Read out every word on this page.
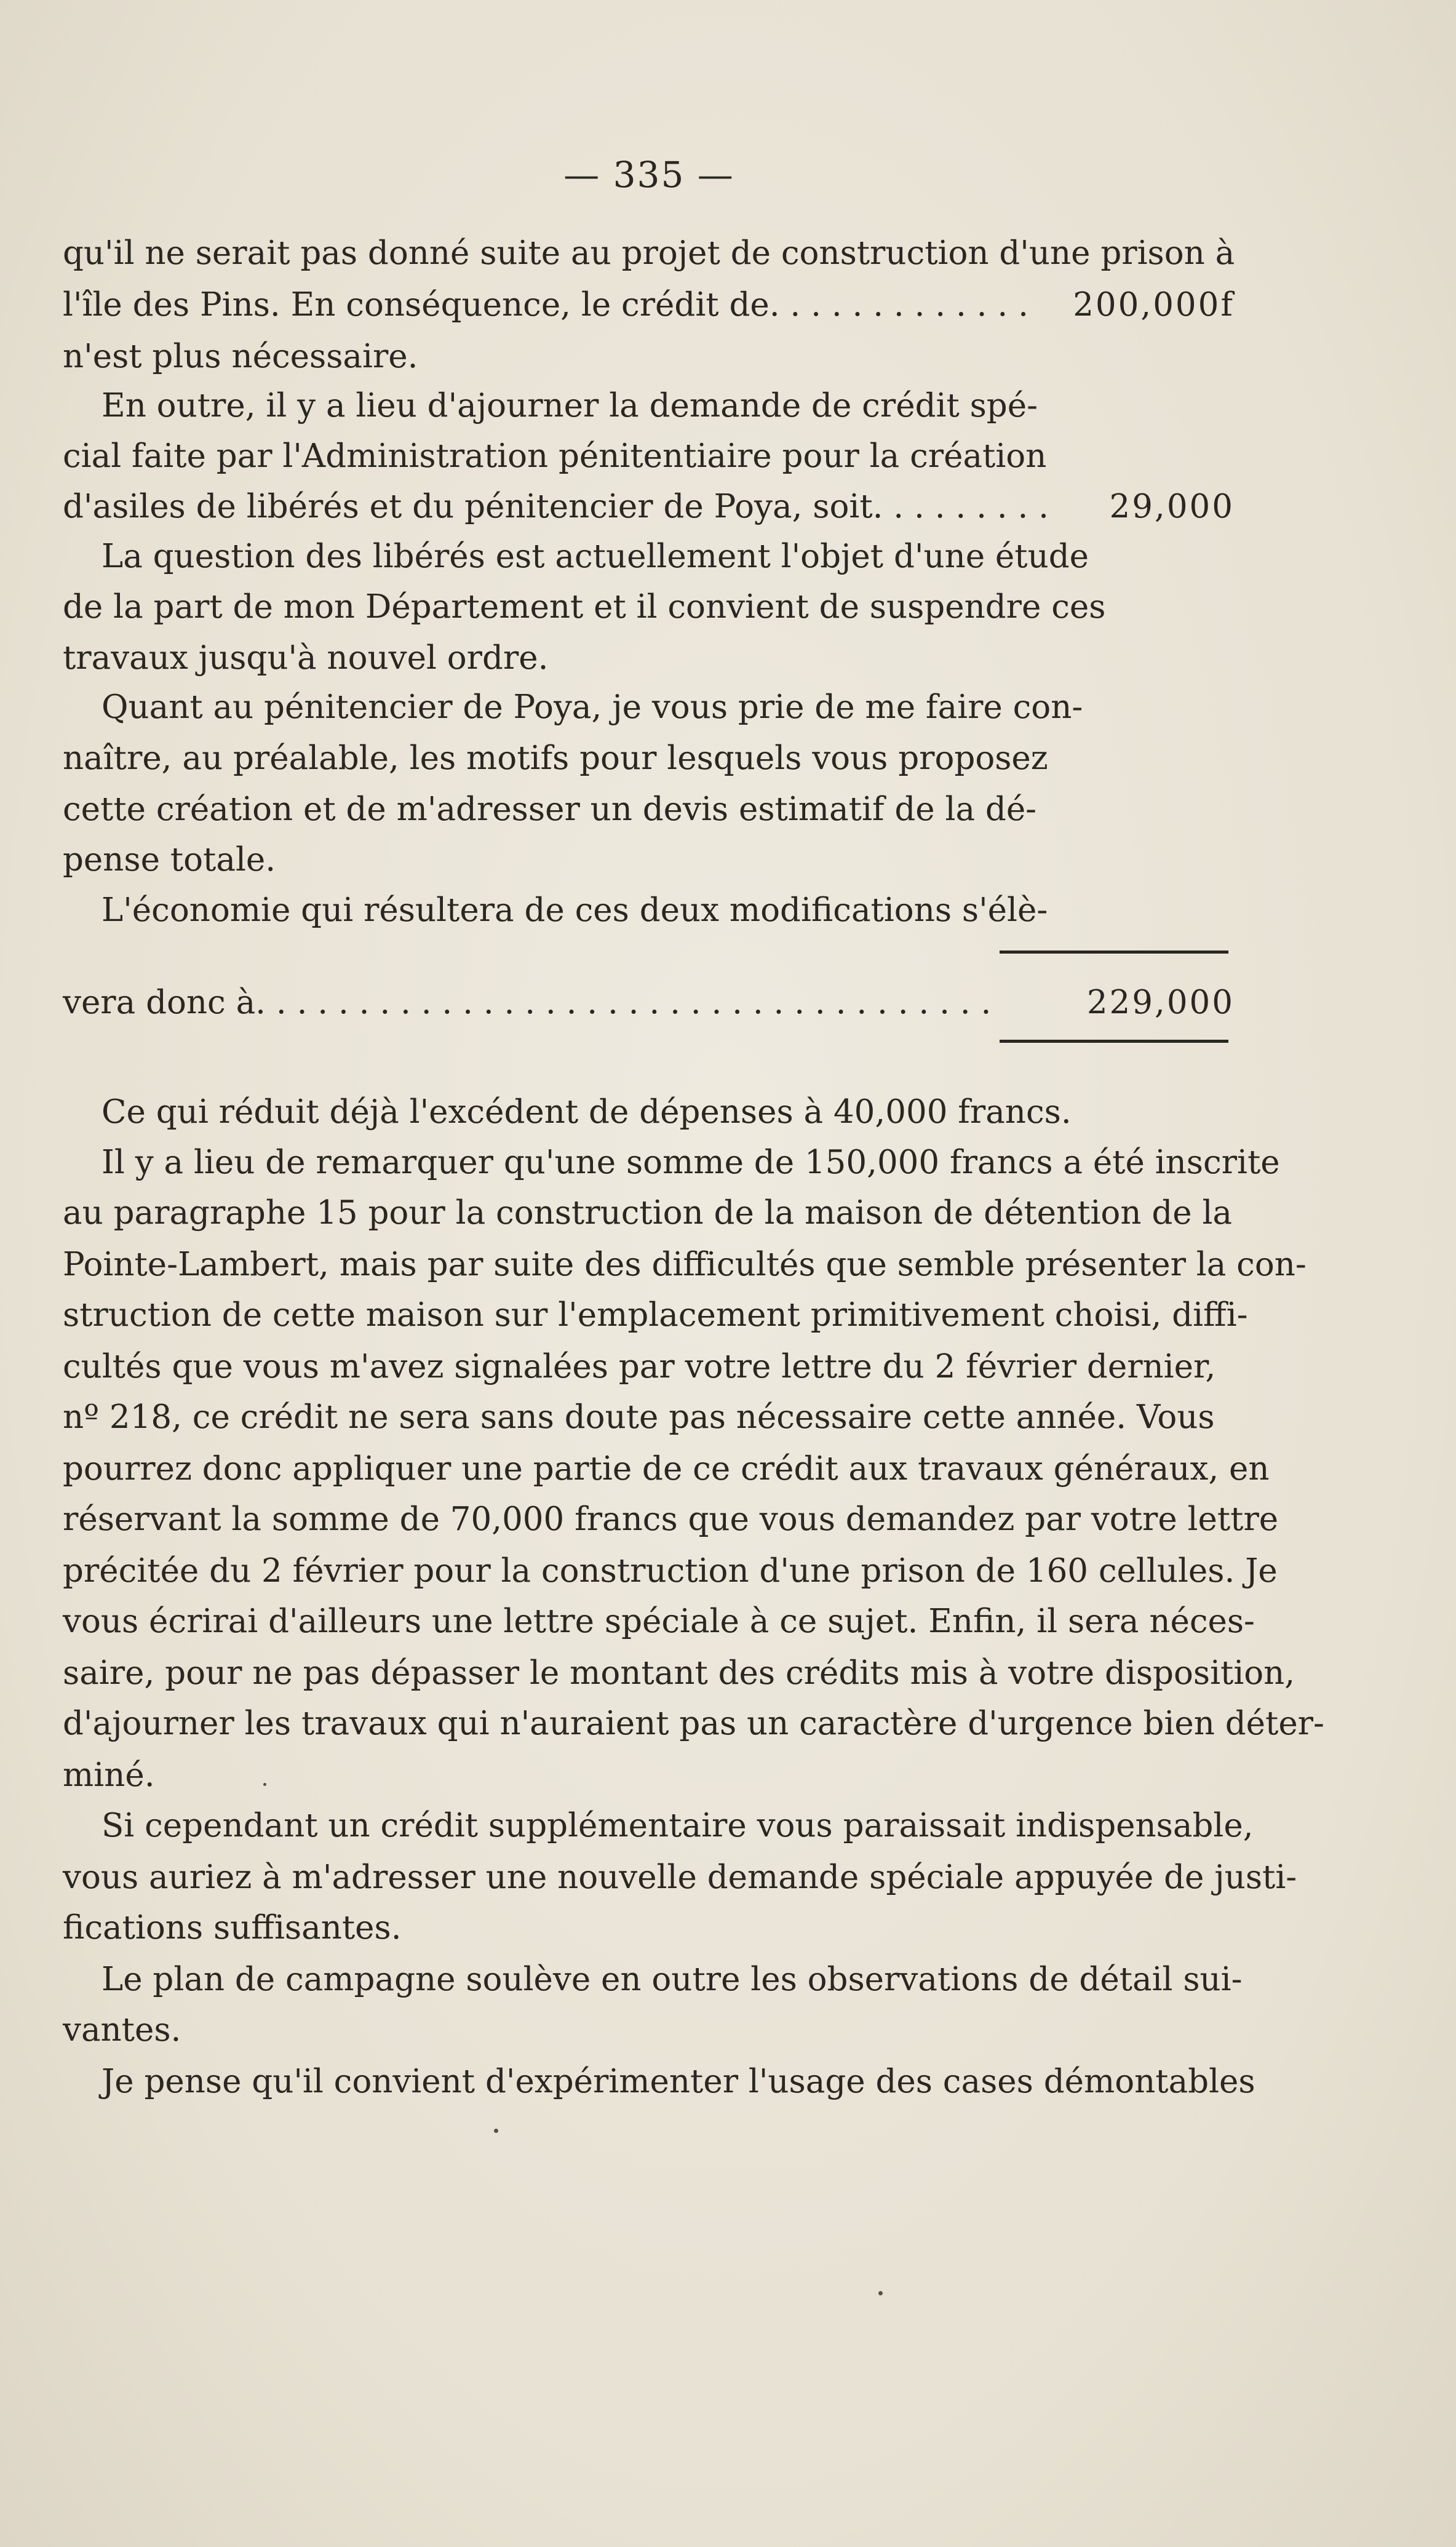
— 335 —
qu'il ne serait pas donné suite au projet de construction d'une prison à
l'île des Pins. En conséquence, le crédit de. . . . . . . . . . . . .	200,000f
n'est plus nécessaire.
En outre, il y a lieu d'ajourner la demande de crédit spé-
cial faite par l'Administration pénitentiaire pour la création
d'asiles de libérés et du pénitencier de Poya, soit. . . . . . . . .	29,000
La question des libérés est actuellement l'objet d'une étude
de la part de mon Département et il convient de suspendre ces
travaux jusqu'à nouvel ordre.
Quant au pénitencier de Poya, je vous prie de me faire con-
naître, au préalable, les motifs pour lesquels vous proposez
cette création et de m'adresser un devis estimatif de la dé-
pense totale.
L'économie qui résultera de ces deux modifications s'élè-
vera donc à. . . . . . . . . . . . . . . . . . . . . . . . . . . . . . . . . . . .	229,000
Ce qui réduit déjà l'excédent de dépenses à 40,000 francs.
Il y a lieu de remarquer qu'une somme de 150,000 francs a été inscrite
au paragraphe 15 pour la construction de la maison de détention de la
Pointe-Lambert, mais par suite des difficultés que semble présenter la con-
struction de cette maison sur l'emplacement primitivement choisi, diffi-
cultés que vous m'avez signalées par votre lettre du 2 février dernier,
nº 218, ce crédit ne sera sans doute pas nécessaire cette année. Vous
pourrez donc appliquer une partie de ce crédit aux travaux généraux, en
réservant la somme de 70,000 francs que vous demandez par votre lettre
précitée du 2 février pour la construction d'une prison de 160 cellules. Je
vous écrirai d'ailleurs une lettre spéciale à ce sujet. Enfin, il sera néces-
saire, pour ne pas dépasser le montant des crédits mis à votre disposition,
d'ajourner les travaux qui n'auraient pas un caractère d'urgence bien déter-
miné.
Si cependant un crédit supplémentaire vous paraissait indispensable,
vous auriez à m'adresser une nouvelle demande spéciale appuyée de justi-
fications suffisantes.
Le plan de campagne soulève en outre les observations de détail sui-
vantes.
Je pense qu'il convient d'expérimenter l'usage des cases démontables
